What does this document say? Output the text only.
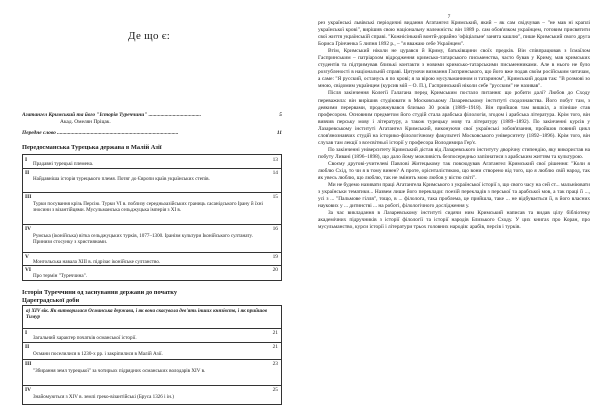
Де що є:
Агатангел Кримський та його "Історія Туреччини" .......................................	5
Акад. Омелян Пріцак.
Передне слово ..........................................................................................	11
Передосманська Турецька держава в Малій Азії
I	13
Прадавні турецькі племена.
II	14
Найдавніша історія турецького племя. Потяг до Європи країв українських степів.
III	15
Турки посування крізь Персію. Турки VI в. поблизу середньоазійських границь сасанідського Ірану й їхні зносини з візантійцями. Мусульманська сельджуцька імперія з XI в.
IV	16
Румська (іконійська) вітка сельджуцьких турків, 1077–1300. Іранізм культури Іконійського султанату. Принизи стосунку з християнами.
V	19
Монгольська навала XIII в. підрізає іконійське султанство.
VI	20
Про термін "Туреччина".
Історія Туреччини од заснування держави до початку Цареградської доби
а) XIV вік. Як витворилася Османська держава, і як вона скасувала дев'ять інших князівств, і як прийшов Тимур
I	21
Загальний характер початків османської історії.
II	21
Османи поселилися в 1230-х рр. і закріпилися в Малій Азії.
III	23
"Збирання земл турецької" за чотирьох підрядних османських володарів XIV в.
IV	25
Знайомуються з XIV в. землі греко-візантійські (Бруса 1326 і ін.)
7

рез українські львівські періодичні видання Агатангел Кримський, який – як сам свідчував – "не мав ні краплі української крові", вирішив свою національну належність: він 1889 р. сам обов'язком українцем, готовим присвятити свої життя українській справі. "Кожнісінький вонтй-дорайно 'офіціальне' занята кашлю", пише Кримський свого друга Борисa Грінченка 5 липня 1892 р., – "я вважаю себе Українцем".

Втім, Кримський ніколи не цурався й Криму, батьківщини своїх предків. Він співпрацював з Ісмаїлом Гаспринським – патріархом відродження кримсько-татарського письменства, часто бував у Криму, мав кримських студентів та підтримував близькі контакти з новими кримсько-татарськими письменниками. Але в нього не було розгубленості в національній справі. Цитуючи визнання Гаспринського, що його вже подав своїм російським читачам, а саме: "Я русский, останусь я по крові; я за вірою мусульманином и татарином", Кримський додав так: "В розмові зо мною, свідомим українцем (курсив мій – О. П.), Гаспринський ніколи себе "русским" не називав".

Після закінчення Колегії Галагана перед Кримським постало питання: що робити далі? Любов до Сходу переважила: він вирішив студіювати в Московському Лазаревському інституті сходознавства. Його побут там, з деякими перервами, продовжувався близько 30 років (1889–1918). Він прийшов там вишкіл, а пізніше став професором. Основним предметом його студій стала арабська філологія, згодом і арабська література. Крім того, він вивчив перську мову і літературу, а також турецьку мову та літературу (1889–1892). По закінченні курсів у Лазаревському інституті Агатангел Кримський, виконуючи свої українські зобов'язання, пройшов повний цикл слов'янознавчих студій на історико-філологічному факультеті Московського університету (1892–1896). Крім того, він слухав там лекції з всесвітньої історії у професора Володимира Гер'є.

По закінченні університету Кримський дістав від Лазаревського інституту дворічну стипендію, яку використав на побуту Ливані (1896–1898), що дало йому можливість безпосередньо запізнатися з арабським життям та культурою.

Своєму другові-учителеві Павлові Житецькому так повсюдував Агатангел Кримський свої рішення: "Коли я люблю Схід, то чи я в тому винен? А проте, оріснталістикою, що вони створено від того, що я люблю свій народ, так як увесь люблю, що люблю, так не змінить мою любов у вістю світі".

Ми не будемо називати праці Агатангела Кримського з української історії з, що свого часу на сей ст... мальніювати з українськи тематики... Назвем лише його переклади: поезій перекладів з перської та арабської мов, а так праці її ..., усі з ... "Пальмове гілля", тощо, в ... філолога, така проблема, це прийшла, таке ... не відбувається її, в його власних наукових у ... дитинстві ... на роботі, філологічного дослідження у.

За час викладання в Лазаревському інституті сидячи ним Кримський написав та видав цілу бібліотеку академічних підручників з історії філології та історії народів Близького Сходу. У цих книгах про Коран, про мусульманство, курси історії і літератури трьох головних народів: арабів, персів і турків.
